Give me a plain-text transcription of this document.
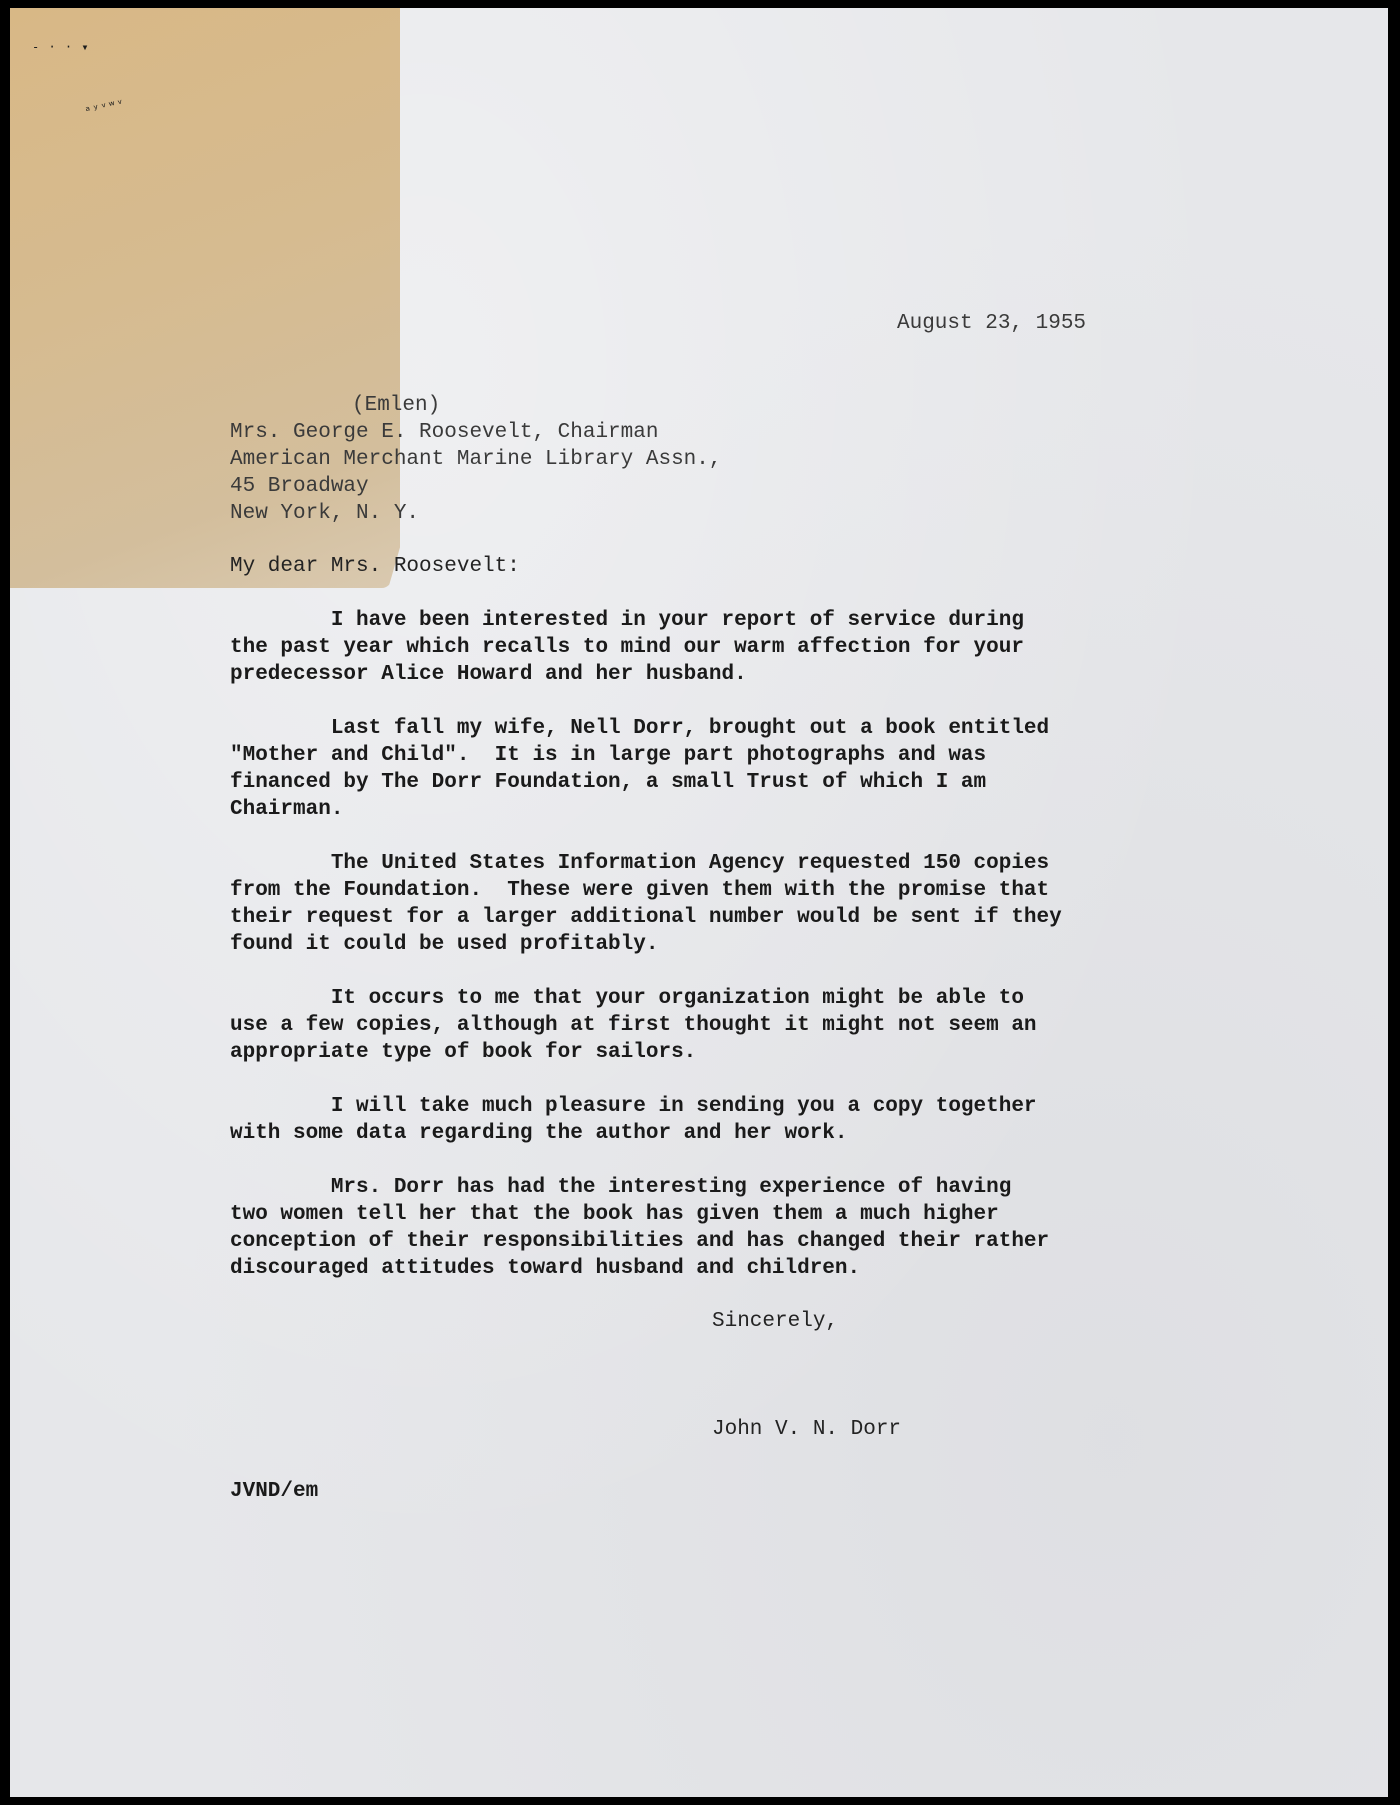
- · · ▾
ᵃʸᵛʷᵛ

August 23, 1955

(Emlen)

Mrs. George E. Roosevelt, Chairman

American Merchant Marine Library Assn.,

45 Broadway

New York, N. Y.

My dear Mrs. Roosevelt:

I have been interested in your report of service during

the past year which recalls to mind our warm affection for your

predecessor Alice Howard and her husband.

Last fall my wife, Nell Dorr, brought out a book entitled

"Mother and Child".  It is in large part photographs and was

financed by The Dorr Foundation, a small Trust of which I am

Chairman.

The United States Information Agency requested 150 copies

from the Foundation.  These were given them with the promise that

their request for a larger additional number would be sent if they

found it could be used profitably.

It occurs to me that your organization might be able to

use a few copies, although at first thought it might not seem an

appropriate type of book for sailors.

I will take much pleasure in sending you a copy together

with some data regarding the author and her work.

Mrs. Dorr has had the interesting experience of having

two women tell her that the book has given them a much higher

conception of their responsibilities and has changed their rather

discouraged attitudes toward husband and children.

Sincerely,

John V. N. Dorr

JVND/em
